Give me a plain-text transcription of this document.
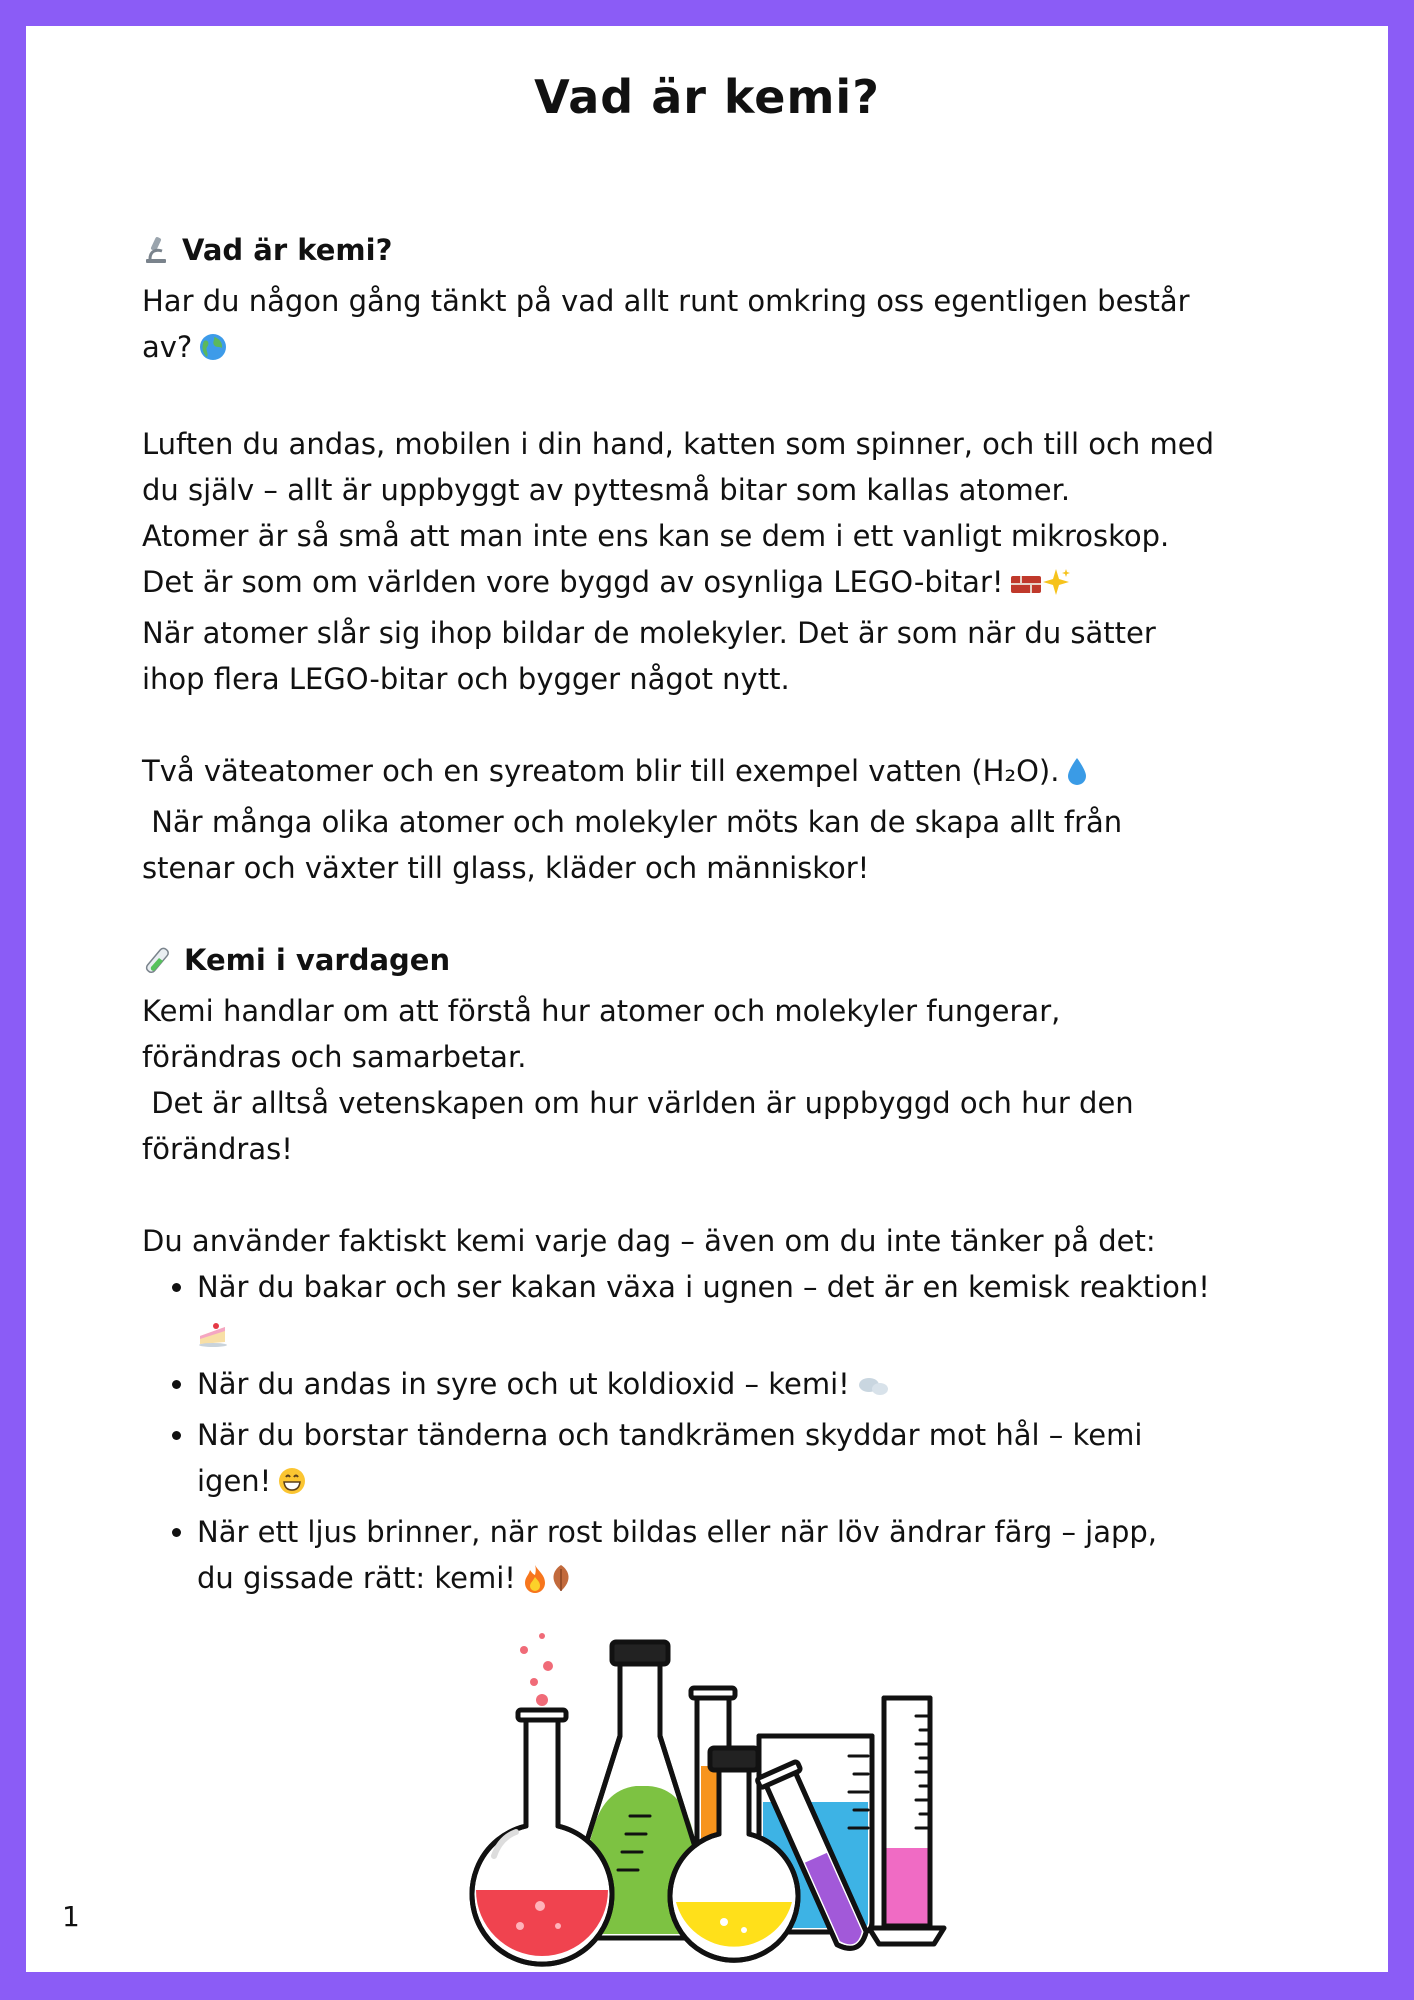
Vad är kemi?
Vad är kemi?
Har du någon gång tänkt på vad allt runt omkring oss egentligen består
av?
Luften du andas, mobilen i din hand, katten som spinner, och till och med
du själv – allt är uppbyggt av pyttesmå bitar som kallas atomer.
Atomer är så små att man inte ens kan se dem i ett vanligt mikroskop.
Det är som om världen vore byggd av osynliga LEGO-bitar!
När atomer slår sig ihop bildar de molekyler. Det är som när du sätter
ihop flera LEGO-bitar och bygger något nytt.
Två väteatomer och en syreatom blir till exempel vatten (H₂O).
När många olika atomer och molekyler möts kan de skapa allt från
stenar och växter till glass, kläder och människor!
Kemi i vardagen
Kemi handlar om att förstå hur atomer och molekyler fungerar,
förändras och samarbetar.
Det är alltså vetenskapen om hur världen är uppbyggd och hur den
förändras!
Du använder faktiskt kemi varje dag – även om du inte tänker på det:
• När du bakar och ser kakan växa i ugnen – det är en kemisk reaktion!
• När du andas in syre och ut koldioxid – kemi!
• När du borstar tänderna och tandkrämen skyddar mot hål – kemi
igen!
• När ett ljus brinner, när rost bildas eller när löv ändrar färg – japp,
du gissade rätt: kemi!
1
